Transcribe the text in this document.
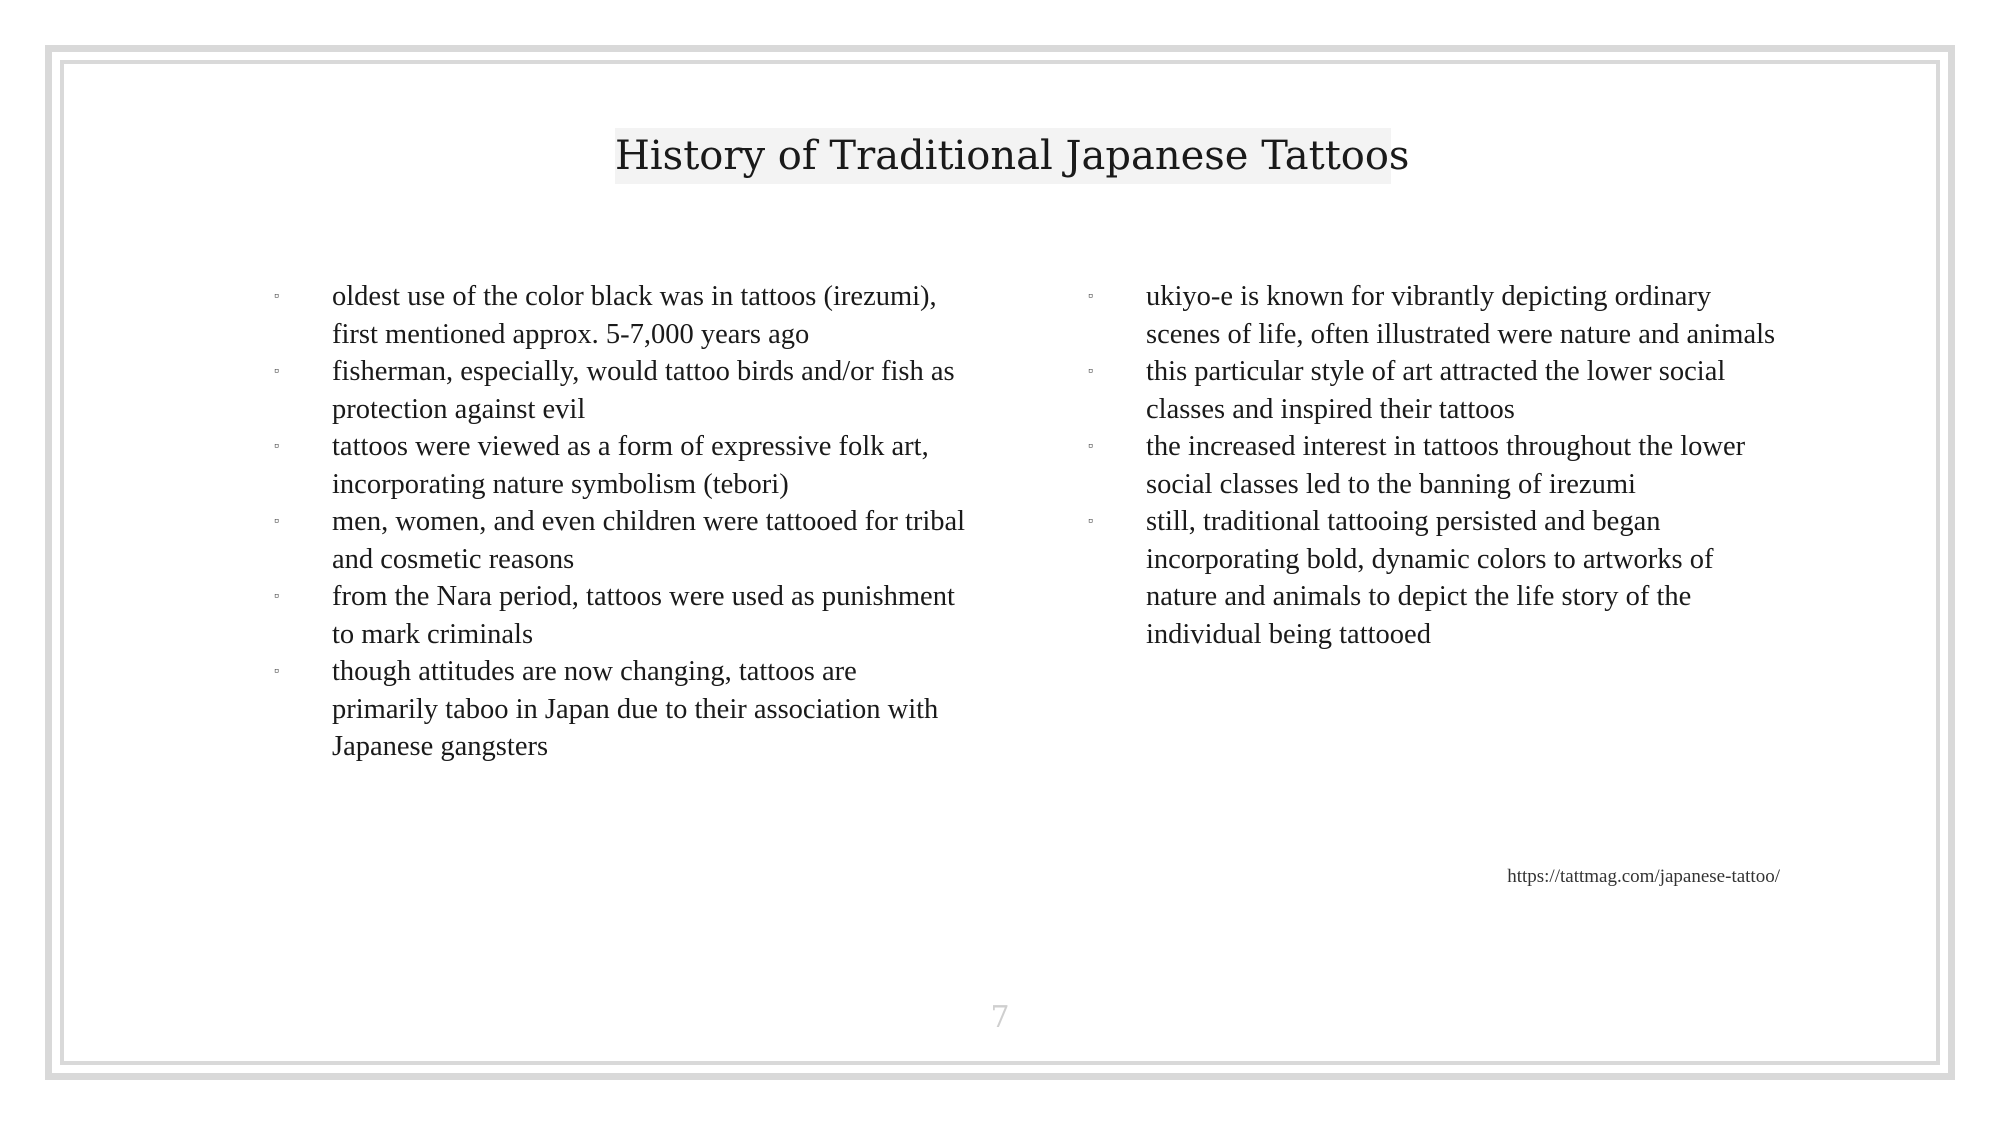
History of Traditional Japanese Tattoos
▫ oldest use of the color black was in tattoos (irezumi), first mentioned approx. 5-7,000 years ago
▫ fisherman, especially, would tattoo birds and/or fish as protection against evil
▫ tattoos were viewed as a form of expressive folk art, incorporating nature symbolism (tebori)
▫ men, women, and even children were tattooed for tribal and cosmetic reasons
▫ from the Nara period, tattoos were used as punishment to mark criminals
▫ though attitudes are now changing, tattoos are primarily taboo in Japan due to their association with Japanese gangsters
▫ ukiyo-e is known for vibrantly depicting ordinary scenes of life, often illustrated were nature and animals
▫ this particular style of art attracted the lower social classes and inspired their tattoos
▫ the increased interest in tattoos throughout the lower social classes led to the banning of irezumi
▫ still, traditional tattooing persisted and began incorporating bold, dynamic colors to artworks of nature and animals to depict the life story of the individual being tattooed
https://tattmag.com/japanese-tattoo/
7
